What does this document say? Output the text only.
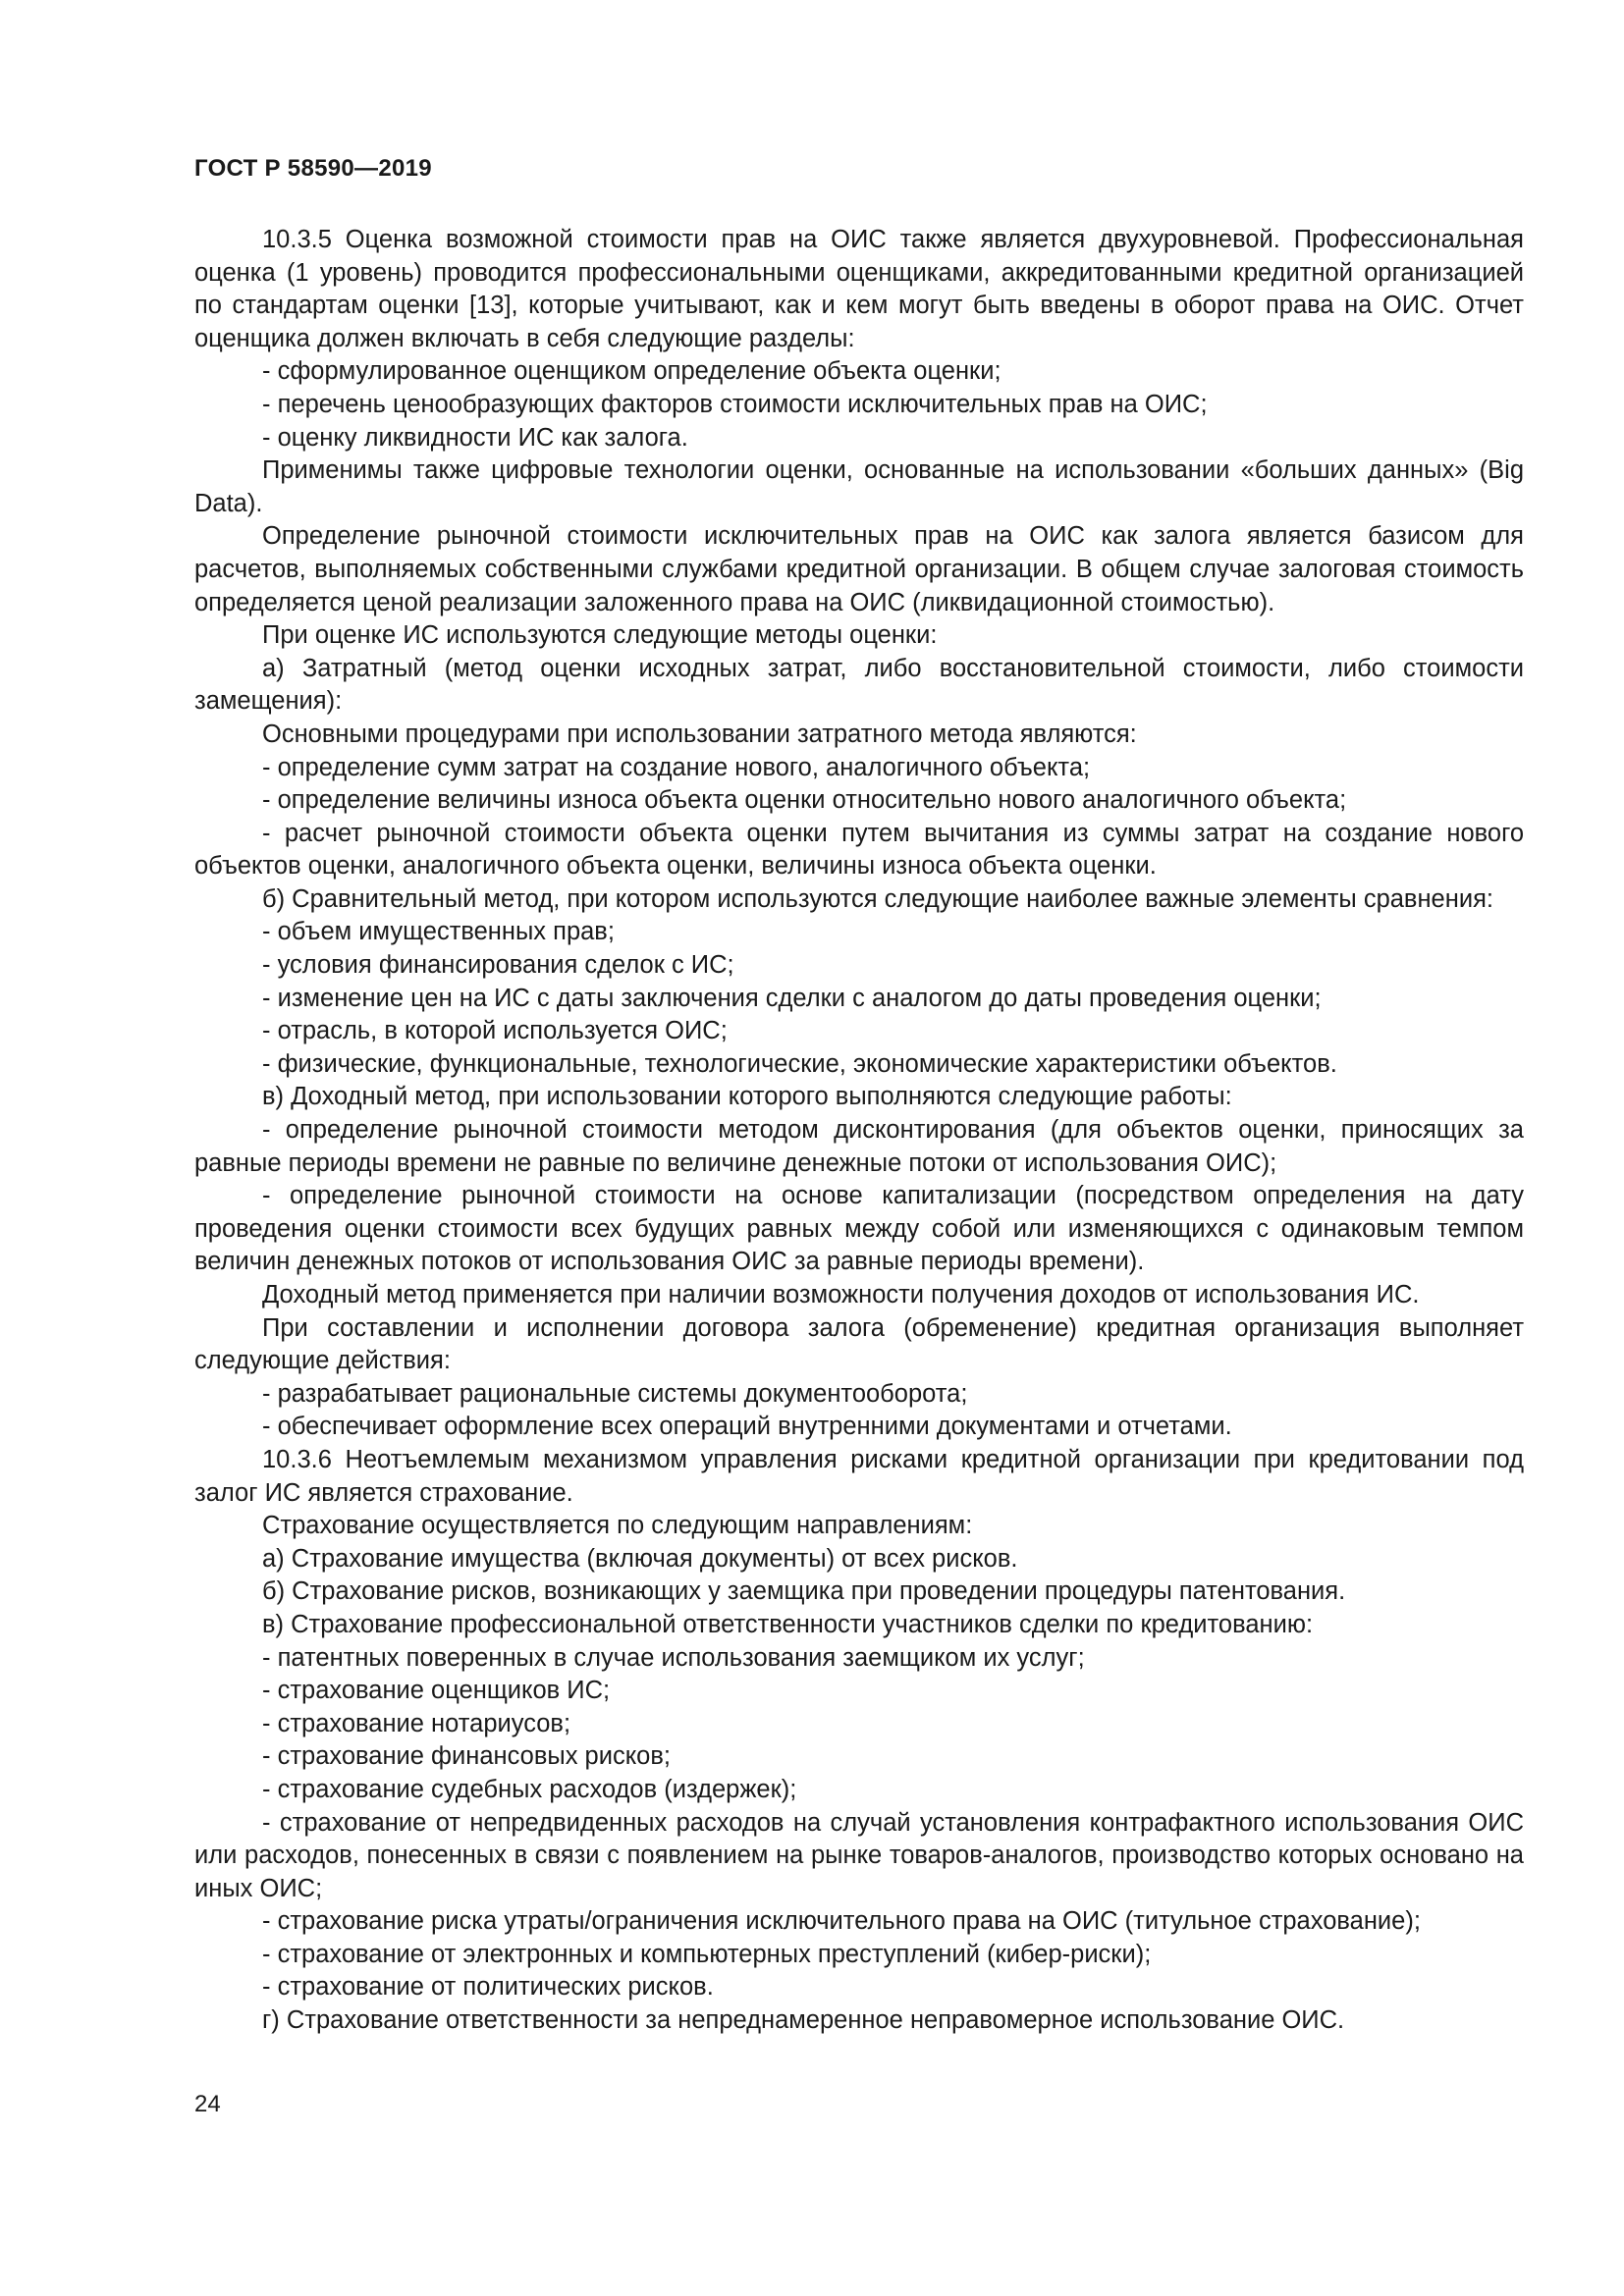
ГОСТ Р 58590—2019

10.3.5 Оценка возможной стоимости прав на ОИС также является двухуровневой. Профессиональная оценка (1 уровень) проводится профессиональными оценщиками, аккредитованными кредитной организацией по стандартам оценки [13], которые учитывают, как и кем могут быть введены в оборот права на ОИС. Отчет оценщика должен включать в себя следующие разделы:

- сформулированное оценщиком определение объекта оценки;

- перечень ценообразующих факторов стоимости исключительных прав на ОИС;

- оценку ликвидности ИС как залога.

Применимы также цифровые технологии оценки, основанные на использовании «больших данных» (Big Data).

Определение рыночной стоимости исключительных прав на ОИС как залога является базисом для расчетов, выполняемых собственными службами кредитной организации. В общем случае залоговая стоимость определяется ценой реализации заложенного права на ОИС (ликвидационной стоимостью).

При оценке ИС используются следующие методы оценки:

а) Затратный (метод оценки исходных затрат, либо восстановительной стоимости, либо стоимости замещения):

Основными процедурами при использовании затратного метода являются:

- определение сумм затрат на создание нового, аналогичного объекта;

- определение величины износа объекта оценки относительно нового аналогичного объекта;

- расчет рыночной стоимости объекта оценки путем вычитания из суммы затрат на создание нового объектов оценки, аналогичного объекта оценки, величины износа объекта оценки.

б) Сравнительный метод, при котором используются следующие наиболее важные элементы сравнения:

- объем имущественных прав;

- условия финансирования сделок с ИС;

- изменение цен на ИС с даты заключения сделки с аналогом до даты проведения оценки;

- отрасль, в которой используется ОИС;

- физические, функциональные, технологические, экономические характеристики объектов.

в) Доходный метод, при использовании которого выполняются следующие работы:

- определение рыночной стоимости методом дисконтирования (для объектов оценки, приносящих за равные периоды времени не равные по величине денежные потоки от использования ОИС);

- определение рыночной стоимости на основе капитализации (посредством определения на дату проведения оценки стоимости всех будущих равных между собой или изменяющихся с одинаковым темпом величин денежных потоков от использования ОИС за равные периоды времени).

Доходный метод применяется при наличии возможности получения доходов от использования ИС.

При составлении и исполнении договора залога (обременение) кредитная организация выполняет следующие действия:

- разрабатывает рациональные системы документооборота;

- обеспечивает оформление всех операций внутренними документами и отчетами.

10.3.6 Неотъемлемым механизмом управления рисками кредитной организации при кредитовании под залог ИС является страхование.

Страхование осуществляется по следующим направлениям:

а) Страхование имущества (включая документы) от всех рисков.

б) Страхование рисков, возникающих у заемщика при проведении процедуры патентования.

в) Страхование профессиональной ответственности участников сделки по кредитованию:

- патентных поверенных в случае использования заемщиком их услуг;

- страхование оценщиков ИС;

- страхование нотариусов;

- страхование финансовых рисков;

- страхование судебных расходов (издержек);

- страхование от непредвиденных расходов на случай установления контрафактного использования ОИС или расходов, понесенных в связи с появлением на рынке товаров-аналогов, производство которых основано на иных ОИС;

- страхование риска утраты/ограничения исключительного права на ОИС (титульное страхование);

- страхование от электронных и компьютерных преступлений (кибер-риски);

- страхование от политических рисков.

г) Страхование ответственности за непреднамеренное неправомерное использование ОИС.

24
